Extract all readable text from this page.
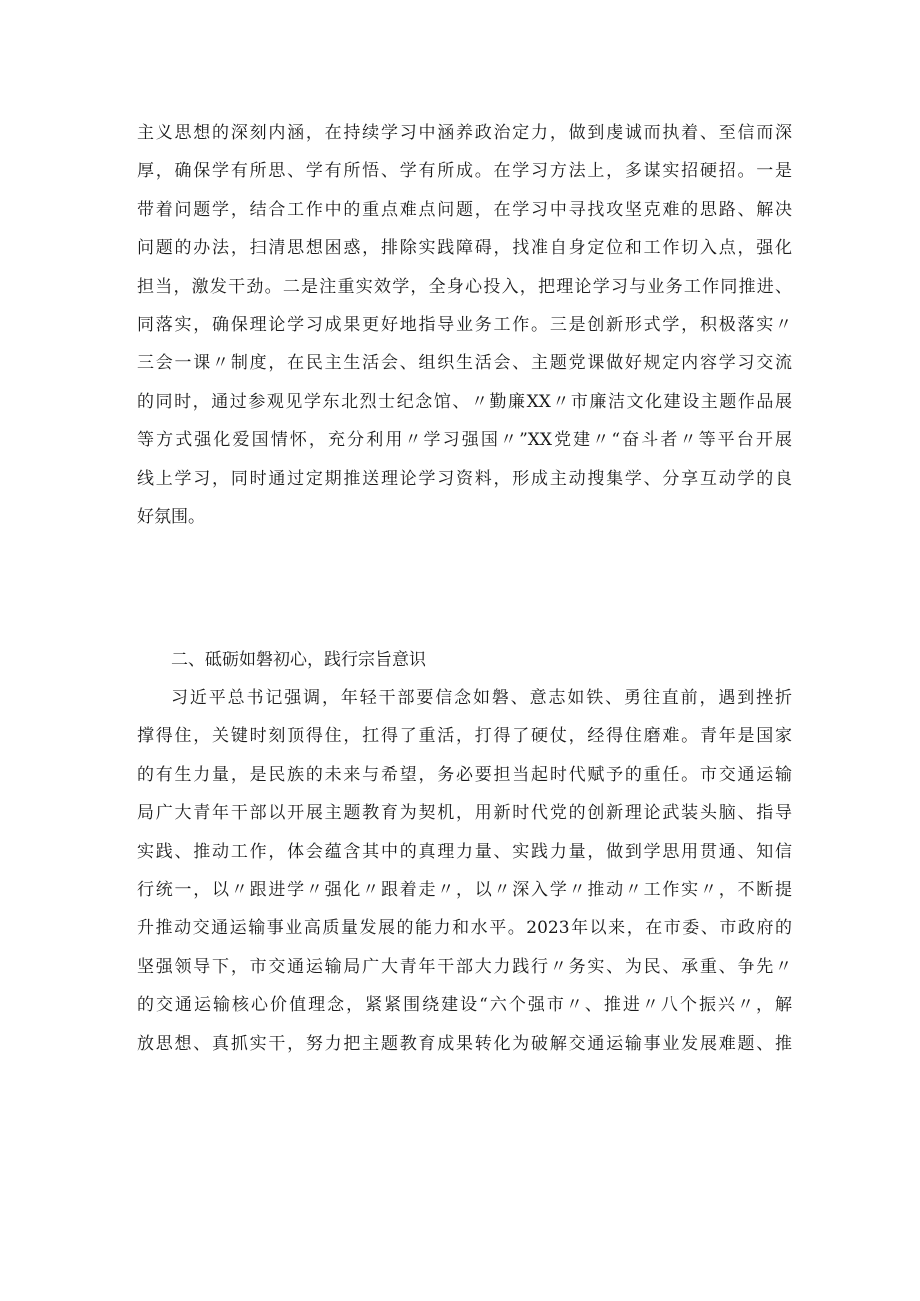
主义思想的深刻内涵，在持续学习中涵养政治定力，做到虔诚而执着、至信而深
厚，确保学有所思、学有所悟、学有所成。在学习方法上，多谋实招硬招。一是
带着问题学，结合工作中的重点难点问题，在学习中寻找攻坚克难的思路、解决
问题的办法，扫清思想困惑，排除实践障碍，找准自身定位和工作切入点，强化
担当，激发干劲。二是注重实效学，全身心投入，把理论学习与业务工作同推进、
同落实，确保理论学习成果更好地指导业务工作。三是创新形式学，积极落实〃
三会一课〃制度，在民主生活会、组织生活会、主题党课做好规定内容学习交流
的同时，通过参观见学东北烈士纪念馆、〃勤廉XX〃市廉洁文化建设主题作品展
等方式强化爱国情怀，充分利用〃学习强国〃”XX党建〃“奋斗者〃等平台开展
线上学习，同时通过定期推送理论学习资料，形成主动搜集学、分享互动学的良
好氛围。
二、砥砺如磐初心，践行宗旨意识
习近平总书记强调，年轻干部要信念如磐、意志如铁、勇往直前，遇到挫折
撑得住，关键时刻顶得住，扛得了重活，打得了硬仗，经得住磨难。青年是国家
的有生力量，是民族的未来与希望，务必要担当起时代赋予的重任。市交通运输
局广大青年干部以开展主题教育为契机，用新时代党的创新理论武装头脑、指导
实践、推动工作，体会蕴含其中的真理力量、实践力量，做到学思用贯通、知信
行统一，以〃跟进学〃强化〃跟着走〃，以〃深入学〃推动〃工作实〃，不断提
升推动交通运输事业高质量发展的能力和水平。2023年以来，在市委、市政府的
坚强领导下，市交通运输局广大青年干部大力践行〃务实、为民、承重、争先〃
的交通运输核心价值理念，紧紧围绕建设“六个强市〃、推进〃八个振兴〃，解
放思想、真抓实干，努力把主题教育成果转化为破解交通运输事业发展难题、推
